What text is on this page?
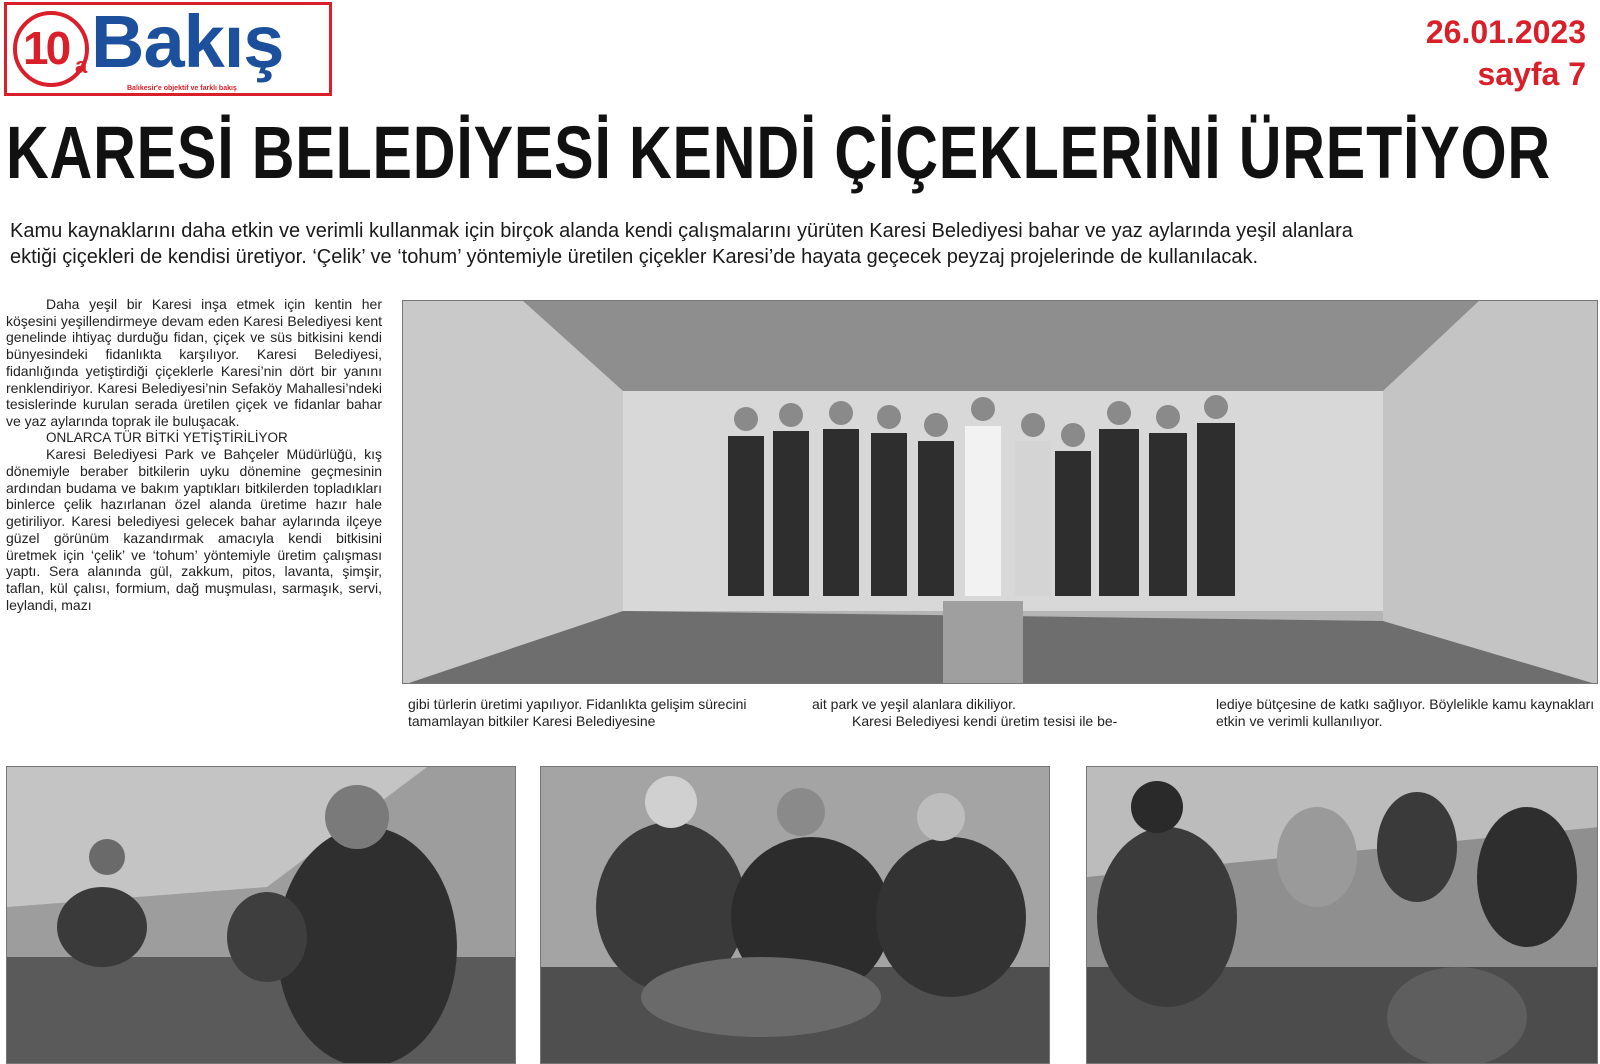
10 a Bakış
Balıkesir'e objektif ve farklı bakış
26.01.2023
sayfa 7
KARESİ BELEDİYESİ KENDİ ÇİÇEKLERİNİ ÜRETİYOR

Kamu kaynaklarını daha etkin ve verimli kullanmak için birçok alanda kendi çalışmalarını yürüten Karesi Belediyesi bahar ve yaz aylarında yeşil alanlara

ektiği çiçekleri de kendisi üretiyor. ‘Çelik’ ve ‘tohum’ yöntemiyle üretilen çiçekler Karesi’de hayata geçecek peyzaj projelerinde de kullanılacak.

Daha yeşil bir Karesi inşa etmek için kentin her köşesini yeşillendirmeye devam eden Karesi Belediyesi kent genelinde ihtiyaç durduğu fidan, çiçek ve süs bitkisini kendi bünyesindeki fidanlıkta karşılıyor. Karesi Belediyesi, fidanlığında yetiştirdiği çiçeklerle Karesi’nin dört bir yanını renklendiriyor. Karesi Belediyesi’nin Sefaköy Mahallesi’ndeki tesislerinde kurulan serada üretilen çiçek ve fidanlar bahar ve yaz aylarında toprak ile buluşacak.

ONLARCA TÜR BİTKİ YETİŞTİRİLİYOR

Karesi Belediyesi Park ve Bahçeler Müdürlüğü, kış dönemiyle beraber bitkilerin uyku dönemine geçmesinin ardından budama ve bakım yaptıkları bitkilerden topladıkları binlerce çelik hazırlanan özel alanda üretime hazır hale getiriliyor. Karesi belediyesi gelecek bahar aylarında ilçeye güzel görünüm kazandırmak amacıyla kendi bitkisini üretmek için ‘çelik’ ve ‘tohum’ yöntemiyle üretim çalışması yaptı. Sera alanında gül, zakkum, pitos, lavanta, şimşir, taflan, kül çalısı, formium, dağ muşmulası, sarmaşık, servi, leylandi, mazı

gibi türlerin üretimi yapılıyor. Fidanlıkta gelişim sürecini tamamlayan bitkiler Karesi Belediyesine

ait park ve yeşil alanlara dikiliyor.

Karesi Belediyesi kendi üretim tesisi ile be-

lediye bütçesine de katkı sağlıyor. Böylelikle kamu kaynakları etkin ve verimli kullanılıyor.
